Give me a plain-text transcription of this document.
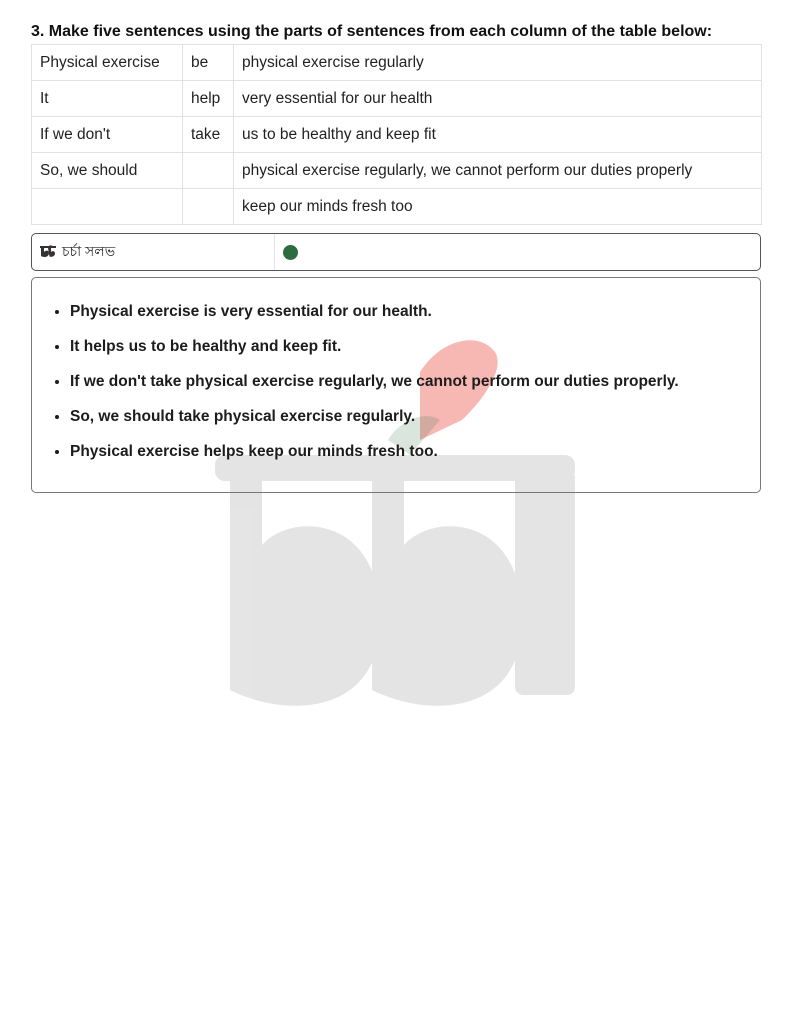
3. Make five sentences using the parts of sentences from each column of the table below:

Physical exercise	be	physical exercise regularly
It	help	very essential for our health
If we don't	take	us to be healthy and keep fit
So, we should		physical exercise regularly, we cannot perform our duties properly
		keep our minds fresh too
চর্চা সলভ
• Physical exercise is very essential for our health.
• It helps us to be healthy and keep fit.
• If we don't take physical exercise regularly, we cannot perform our duties properly.
• So, we should take physical exercise regularly.
• Physical exercise helps keep our minds fresh too.
